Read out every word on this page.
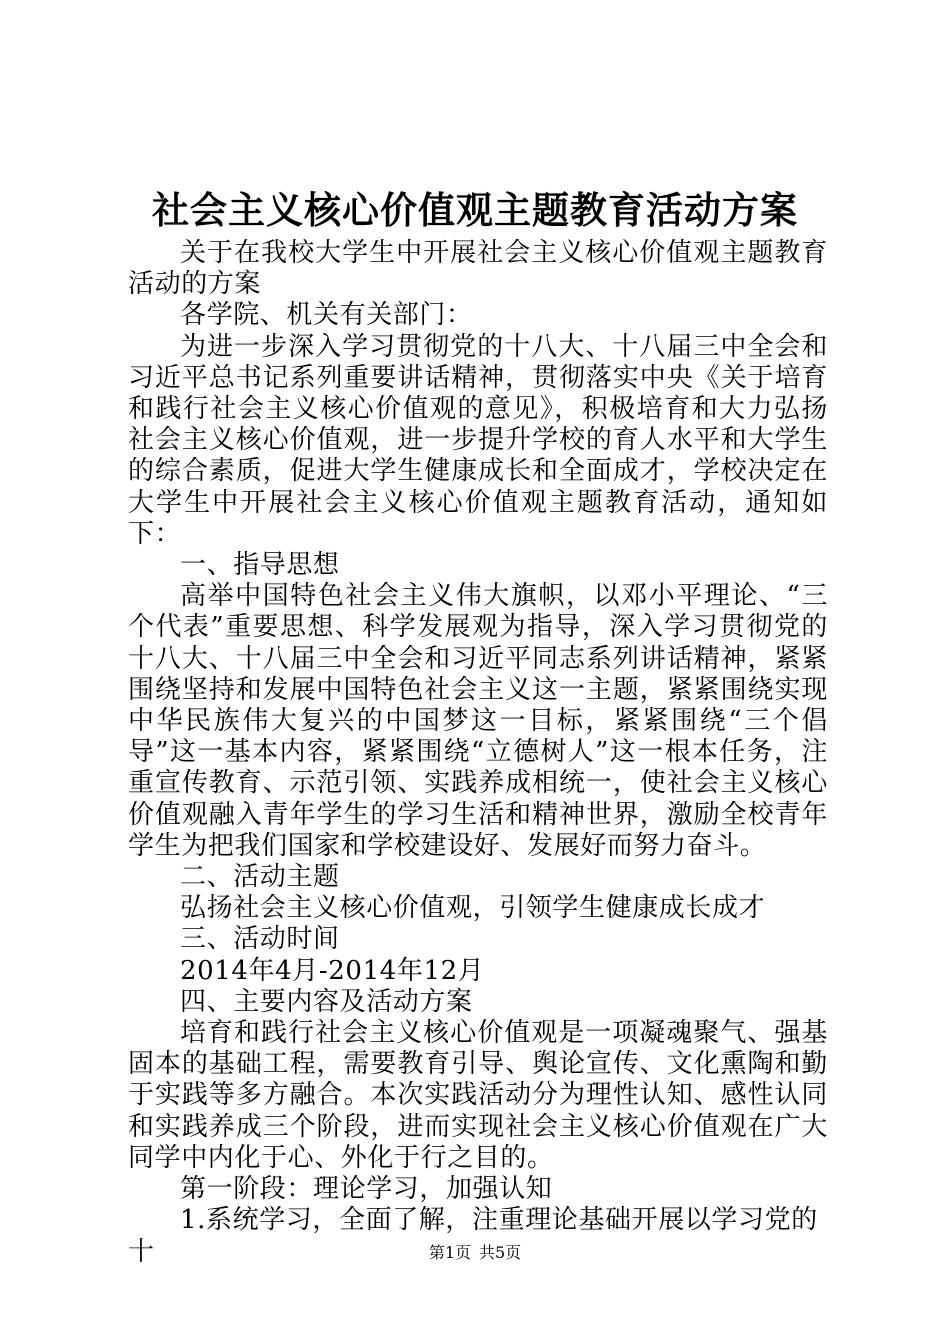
社会主义核心价值观主题教育活动方案

关于在我校大学生中开展社会主义核心价值观主题教育活动的方案

各学院、机关有关部门：

为进一步深入学习贯彻党的十八大、十八届三中全会和习近平总书记系列重要讲话精神，贯彻落实中央《关于培育和践行社会主义核心价值观的意见》，积极培育和大力弘扬社会主义核心价值观，进一步提升学校的育人水平和大学生的综合素质，促进大学生健康成长和全面成才，学校决定在大学生中开展社会主义核心价值观主题教育活动，通知如下：

一、指导思想

高举中国特色社会主义伟大旗帜，以邓小平理论、“三个代表”重要思想、科学发展观为指导，深入学习贯彻党的十八大、十八届三中全会和习近平同志系列讲话精神，紧紧围绕坚持和发展中国特色社会主义这一主题，紧紧围绕实现中华民族伟大复兴的中国梦这一目标，紧紧围绕“三个倡导”这一基本内容，紧紧围绕“立德树人”这一根本任务，注重宣传教育、示范引领、实践养成相统一，使社会主义核心价值观融入青年学生的学习生活和精神世界，激励全校青年学生为把我们国家和学校建设好、发展好而努力奋斗。

二、活动主题

弘扬社会主义核心价值观，引领学生健康成长成才

三、活动时间

2014年4月-2014年12月

四、主要内容及活动方案

培育和践行社会主义核心价值观是一项凝魂聚气、强基固本的基础工程，需要教育引导、舆论宣传、文化熏陶和勤于实践等多方融合。本次实践活动分为理性认知、感性认同和实践养成三个阶段，进而实现社会主义核心价值观在广大同学中内化于心、外化于行之目的。

第一阶段：理论学习，加强认知

1.系统学习，全面了解，注重理论基础开展以学习党的十	第1页 共5页
